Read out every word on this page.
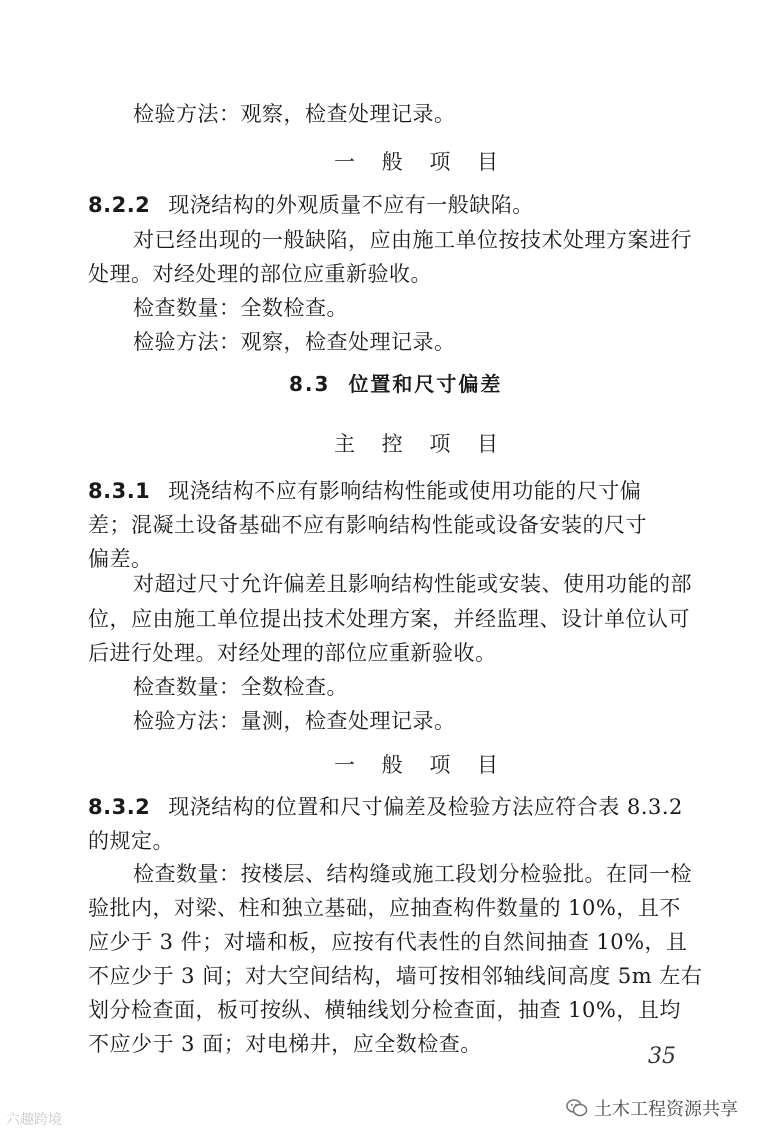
检验方法：观察，检查处理记录。
一 般 项 目
8.2.2 现浇结构的外观质量不应有一般缺陷。
对已经出现的一般缺陷，应由施工单位按技术处理方案进行
处理。对经处理的部位应重新验收。
检查数量：全数检查。
检验方法：观察，检查处理记录。
8.3 位置和尺寸偏差
主 控 项 目
8.3.1 现浇结构不应有影响结构性能或使用功能的尺寸偏
差；混凝土设备基础不应有影响结构性能或设备安装的尺寸
偏差。
对超过尺寸允许偏差且影响结构性能或安装、使用功能的部
位，应由施工单位提出技术处理方案，并经监理、设计单位认可
后进行处理。对经处理的部位应重新验收。
检查数量：全数检查。
检验方法：量测，检查处理记录。
一 般 项 目
8.3.2 现浇结构的位置和尺寸偏差及检验方法应符合表 8.3.2
的规定。
检查数量：按楼层、结构缝或施工段划分检验批。在同一检
验批内，对梁、柱和独立基础，应抽查构件数量的 10%，且不
应少于 3 件；对墙和板，应按有代表性的自然间抽查 10%，且
不应少于 3 间；对大空间结构，墙可按相邻轴线间高度 5m 左右
划分检查面，板可按纵、横轴线划分检查面，抽查 10%，且均
不应少于 3 面；对电梯井，应全数检查。	35
六趣跨境	土木工程资源共享
